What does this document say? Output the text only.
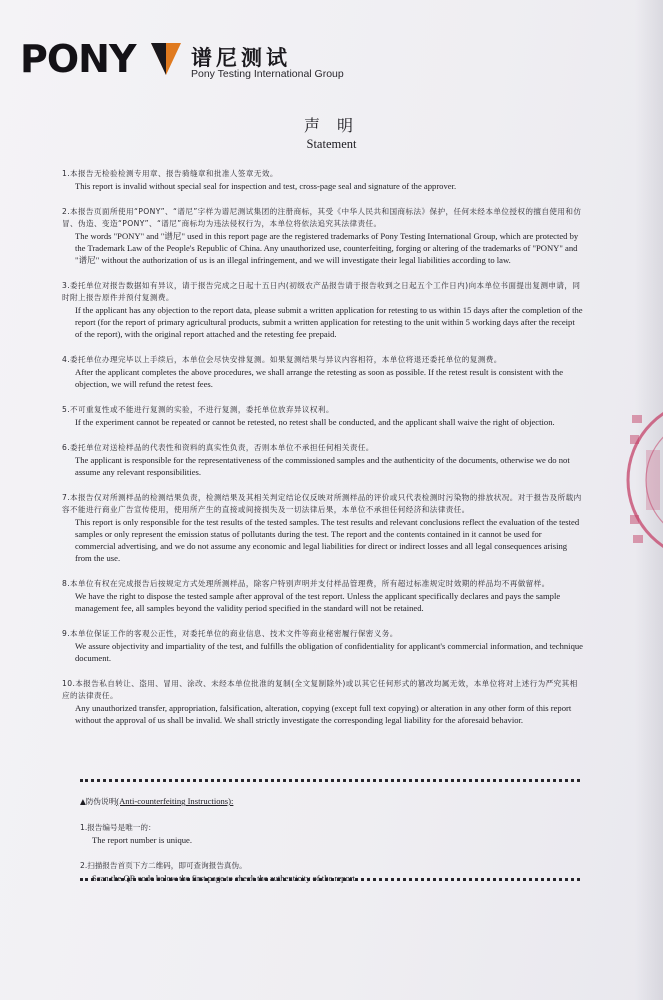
PONY	谱尼测试
Pony Testing International Group
声 明
Statement
1.本报告无检验检测专用章、报告骑缝章和批准人签章无效。
This report is invalid without special seal for inspection and test, cross-page seal and signature of the approver.
2.本报告页面所使用“PONY”、“谱尼”字样为谱尼测试集团的注册商标，其受《中华人民共和国商标法》保护，任何未经本单位授权的擅自使用和仿冒、伪造、变造“PONY”、“谱尼”商标均为违法侵权行为，本单位将依法追究其法律责任。
The words "PONY" and "谱尼" used in this report page are the registered trademarks of Pony Testing International Group, which are protected by the Trademark Law of the People's Republic of China. Any unauthorized use, counterfeiting, forging or altering of the trademarks of "PONY" and "谱尼" without the authorization of us is an illegal infringement, and we will investigate their legal liabilities according to law.
3.委托单位对报告数据如有异议，请于报告完成之日起十五日内(初级农产品报告请于报告收到之日起五个工作日内)向本单位书面提出复测申请，同时附上报告原件并预付复测费。
If the applicant has any objection to the report data, please submit a written application for retesting to us within 15 days after the completion of the report (for the report of primary agricultural products, submit a written application for retesting to the unit within 5 working days after the receipt of the report), with the original report attached and the retesting fee prepaid.
4.委托单位办理完毕以上手续后，本单位会尽快安排复测。如果复测结果与异议内容相符，本单位将退还委托单位的复测费。
After the applicant completes the above procedures, we shall arrange the retesting as soon as possible. If the retest result is consistent with the objection, we will refund the retest fees.
5.不可重复性或不能进行复测的实验，不进行复测，委托单位放弃异议权利。
If the experiment cannot be repeated or cannot be retested, no retest shall be conducted, and the applicant shall waive the right of objection.
6.委托单位对送检样品的代表性和资料的真实性负责，否则本单位不承担任何相关责任。
The applicant is responsible for the representativeness of the commissioned samples and the authenticity of the documents, otherwise we do not assume any relevant responsibilities.
7.本报告仅对所测样品的检测结果负责，检测结果及其相关判定结论仅反映对所测样品的评价或只代表检测时污染物的排放状况。对于报告及所载内容不能进行商业广告宣传使用，使用所产生的直接或间接损失及一切法律后果，本单位不承担任何经济和法律责任。
This report is only responsible for the test results of the tested samples. The test results and relevant conclusions reflect the evaluation of the tested samples or only represent the emission status of pollutants during the test. The report and the contents contained in it cannot be used for commercial advertising, and we do not assume any economic and legal liabilities for direct or indirect losses and all legal consequences arising from the use.
8.本单位有权在完成报告后按规定方式处理所测样品，除客户特别声明并支付样品管理费，所有超过标准规定时效期的样品均不再做留样。
We have the right to dispose the tested sample after approval of the test report. Unless the applicant specifically declares and pays the sample management fee, all samples beyond the validity period specified in the standard will not be retained.
9.本单位保证工作的客观公正性，对委托单位的商业信息、技术文件等商业秘密履行保密义务。
We assure objectivity and impartiality of the test, and fulfills the obligation of confidentiality for applicant's commercial information, and technique document.
10.本报告私自转让、盗用、冒用、涂改、未经本单位批准的复制(全文复制除外)或以其它任何形式的篡改均属无效，本单位将对上述行为严究其相应的法律责任。
Any unauthorized transfer, appropriation, falsification, alteration, copying (except full text copying) or alteration in any other form of this report without the approval of us shall be invalid. We shall strictly investigate the corresponding legal liability for the aforesaid behavior.
▲防伪说明(Anti-counterfeiting Instructions):
1.报告编号是唯一的：
The report number is unique.
2.扫描报告首页下方二维码，即可查询报告真伪。
Scan the QR code below the first page to check the authenticity of the report.
